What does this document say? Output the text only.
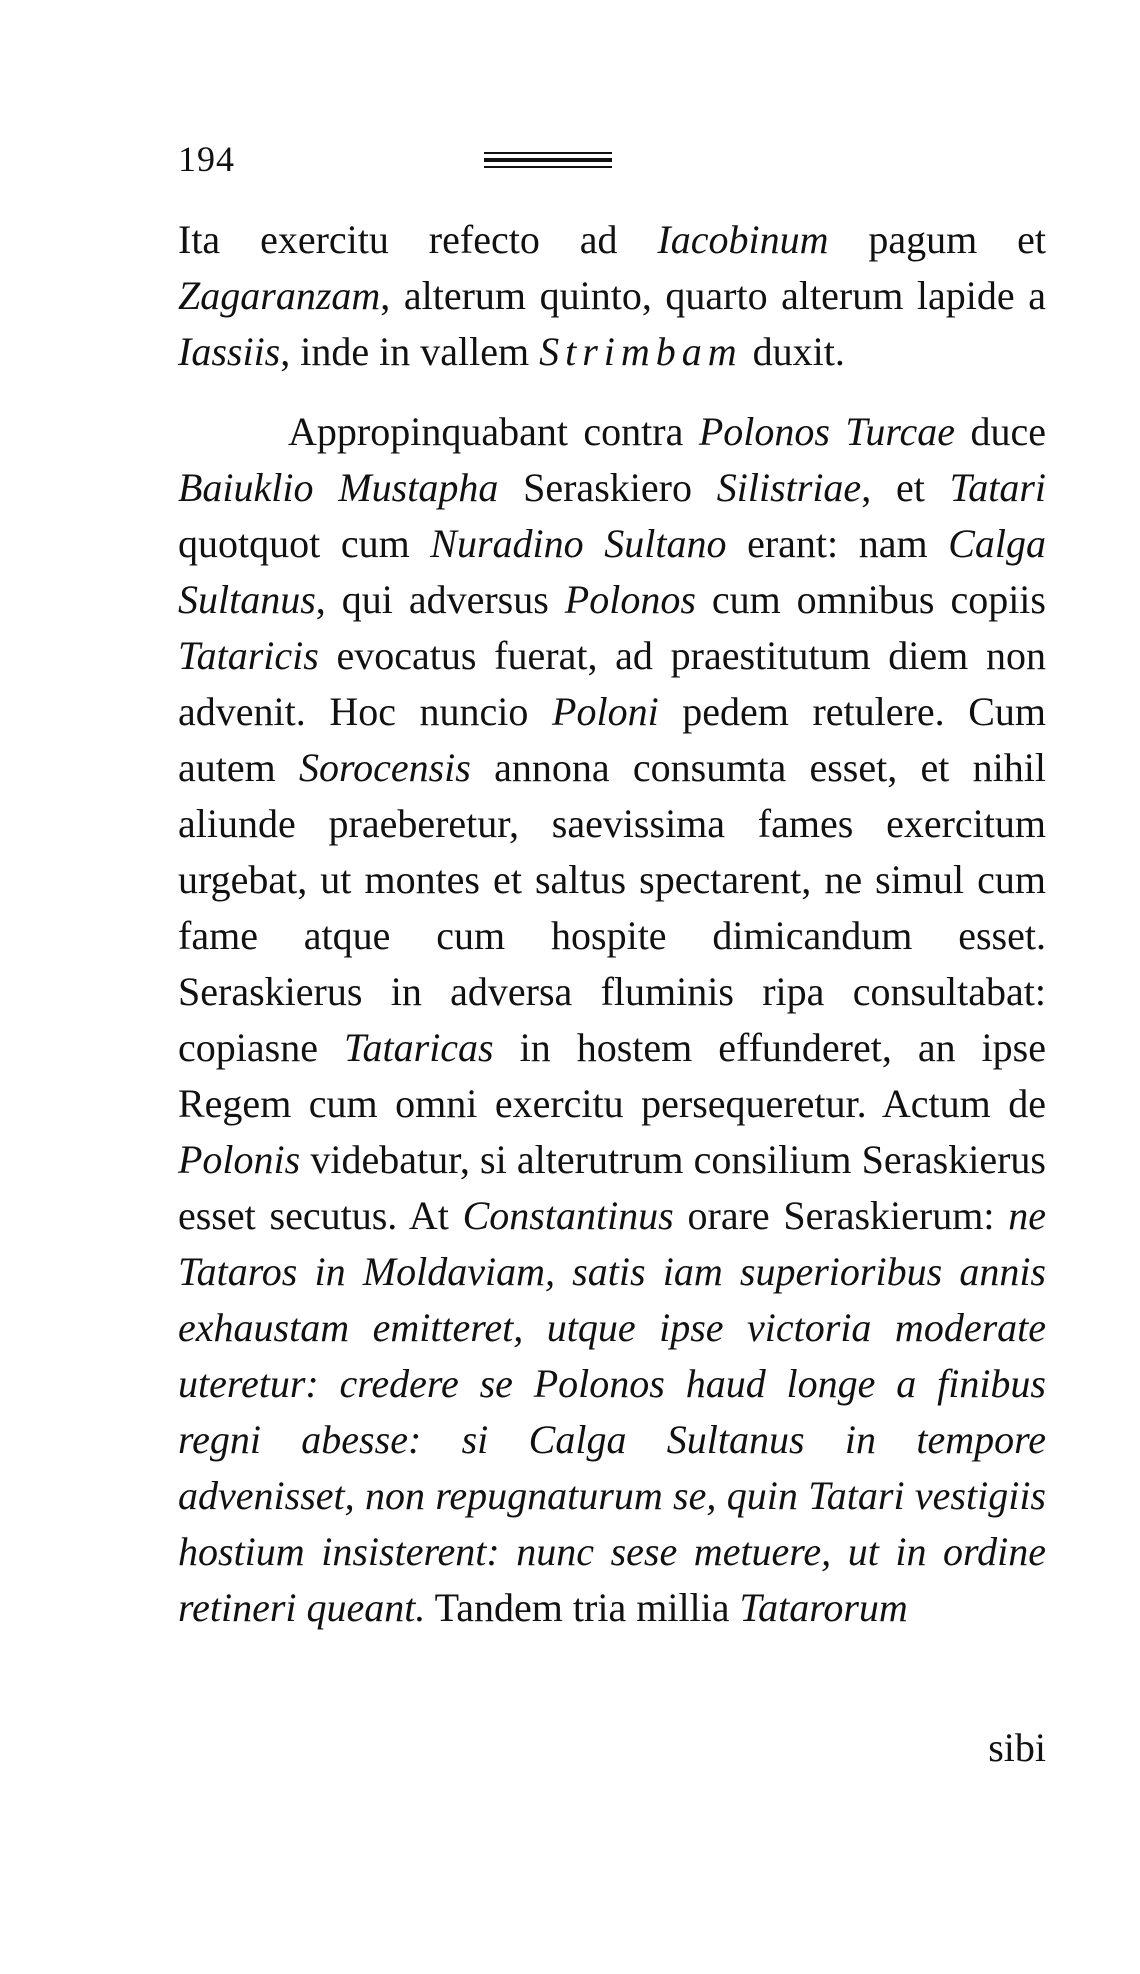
194

Ita exercitu refecto ad Iacobinum pagum et Zagaranzam, alterum quinto, quarto alterum lapide a Iassiis, inde in vallem Strimbam duxit.

Appropinquabant contra Polonos Turcae duce Baiuklio Mustapha Seraskiero Silistriae, et Tatari quotquot cum Nuradino Sultano erant: nam Calga Sultanus, qui adversus Polonos cum omnibus copiis Tataricis evocatus fuerat, ad praestitutum diem non advenit. Hoc nuncio Poloni pedem retulere. Cum autem Sorocensis annona consumta esset, et nihil aliunde praeberetur, saevissima fames exercitum urgebat, ut montes et saltus spectarent, ne simul cum fame atque cum hospite dimicandum esset. Seraskierus in adversa fluminis ripa consultabat: copiasne Tataricas in hostem effunderet, an ipse Regem cum omni exercitu persequeretur. Actum de Polonis videbatur, si alterutrum consilium Seraskierus esset secutus. At Constantinus orare Seraskierum: ne Tataros in Moldaviam, satis iam superioribus annis exhaustam emitteret, utque ipse victoria moderate uteretur: credere se Polonos haud longe a finibus regni abesse: si Calga Sultanus in tempore advenisset, non repugnaturum se, quin Tatari vestigiis hostium insisterent: nunc sese metuere, ut in ordine retineri queant. Tandem tria millia Tatarorum

sibi
